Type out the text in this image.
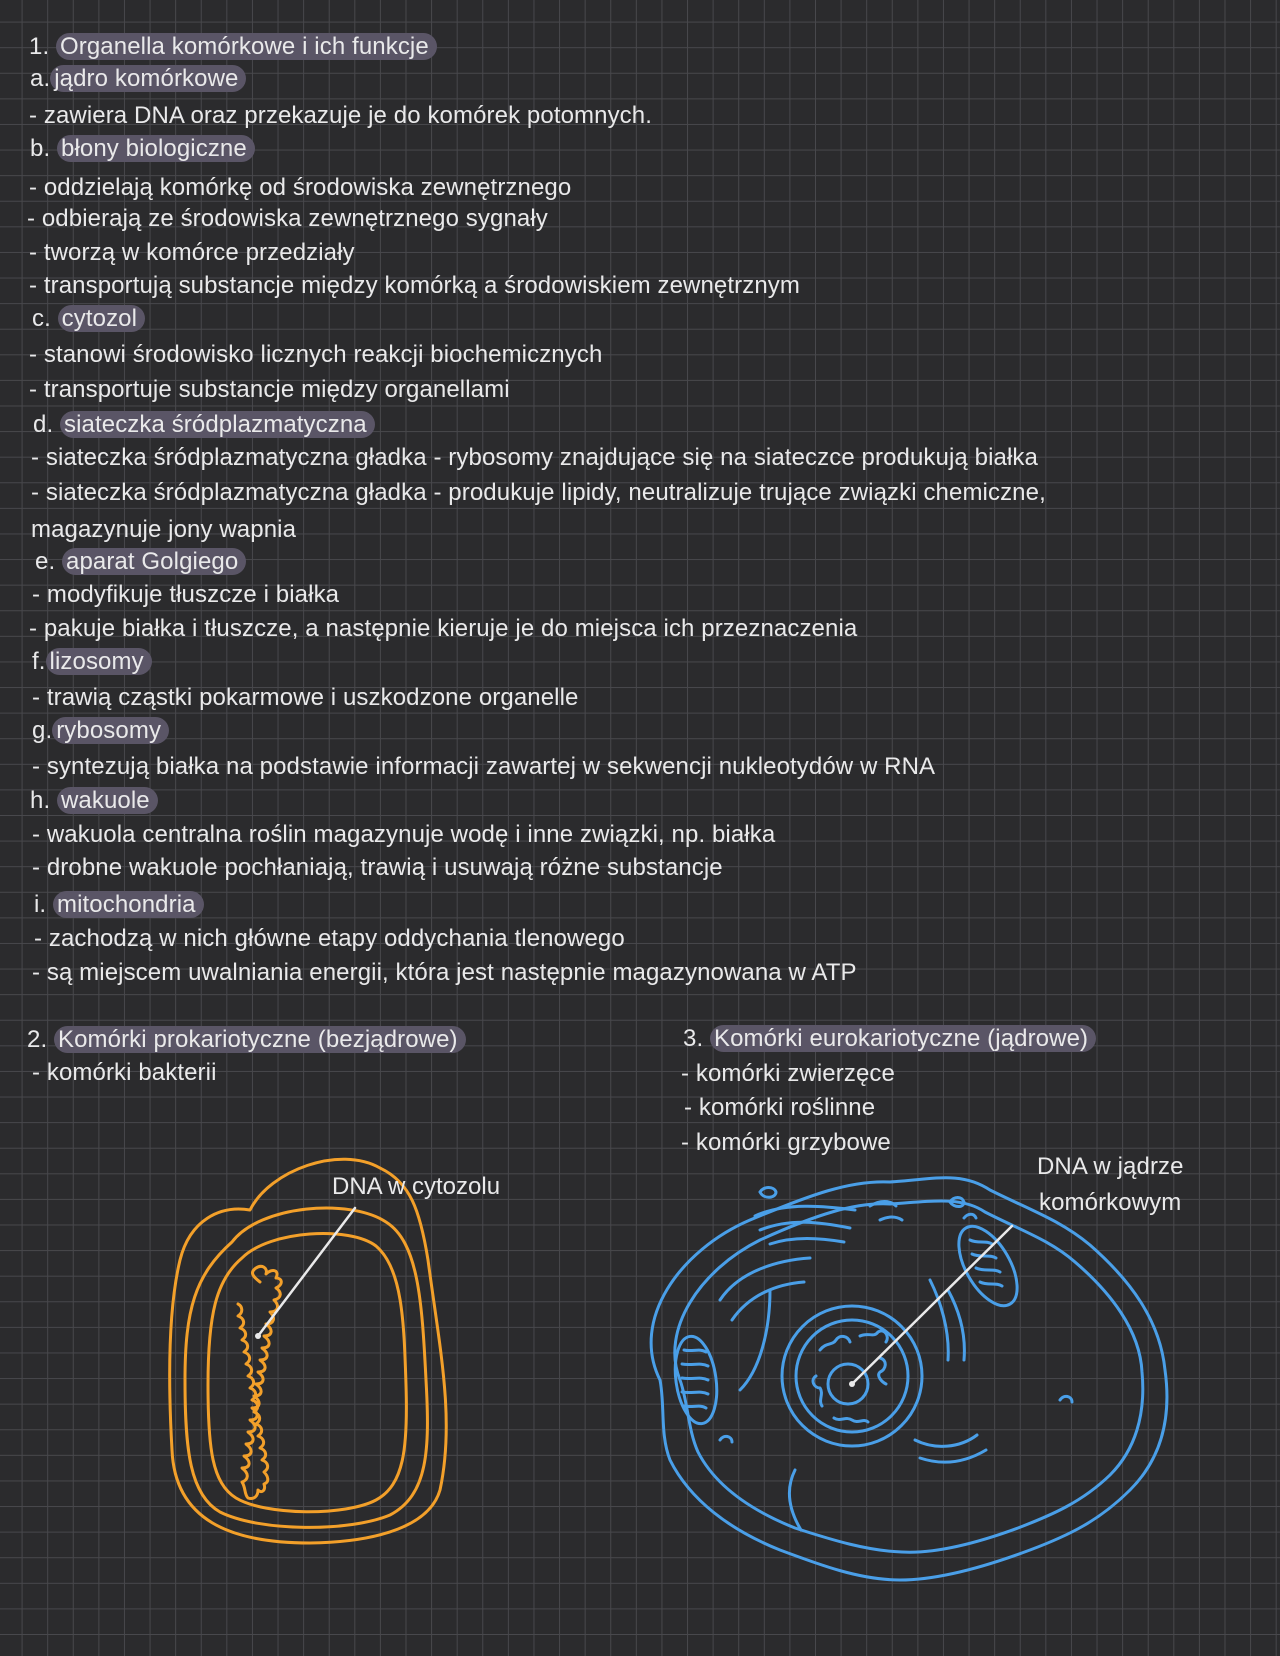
1. Organella komórkowe i ich funkcje
a. jądro komórkowe
- zawiera DNA oraz przekazuje je do komórek potomnych.
b. błony biologiczne
- oddzielają komórkę od środowiska zewnętrznego
- odbierają ze środowiska zewnętrznego sygnały
- tworzą w komórce przedziały
- transportują substancje między komórką a środowiskiem zewnętrznym
c. cytozol
- stanowi środowisko licznych reakcji biochemicznych
- transportuje substancje między organellami
d. siateczka śródplazmatyczna
- siateczka śródplazmatyczna gładka - rybosomy znajdujące się na siateczce produkują białka
- siateczka śródplazmatyczna gładka - produkuje lipidy, neutralizuje trujące związki chemiczne,
magazynuje jony wapnia
e. aparat Golgiego
- modyfikuje tłuszcze i białka
- pakuje białka i tłuszcze, a następnie kieruje je do miejsca ich przeznaczenia
f. lizosomy
- trawią cząstki pokarmowe i uszkodzone organelle
g. rybosomy
- syntezują białka na podstawie informacji zawartej w sekwencji nukleotydów w RNA
h. wakuole
- wakuola centralna roślin magazynuje wodę i inne związki, np. białka
- drobne wakuole pochłaniają, trawią i usuwają różne substancje
i. mitochondria
- zachodzą w nich główne etapy oddychania tlenowego
- są miejscem uwalniania energii, która jest następnie magazynowana w ATP
2. Komórki prokariotyczne (bezjądrowe)
- komórki bakterii
3. Komórki eurokariotyczne (jądrowe)
- komórki zwierzęce
- komórki roślinne
- komórki grzybowe
DNA w cytozolu
DNA w jądrze
komórkowym
